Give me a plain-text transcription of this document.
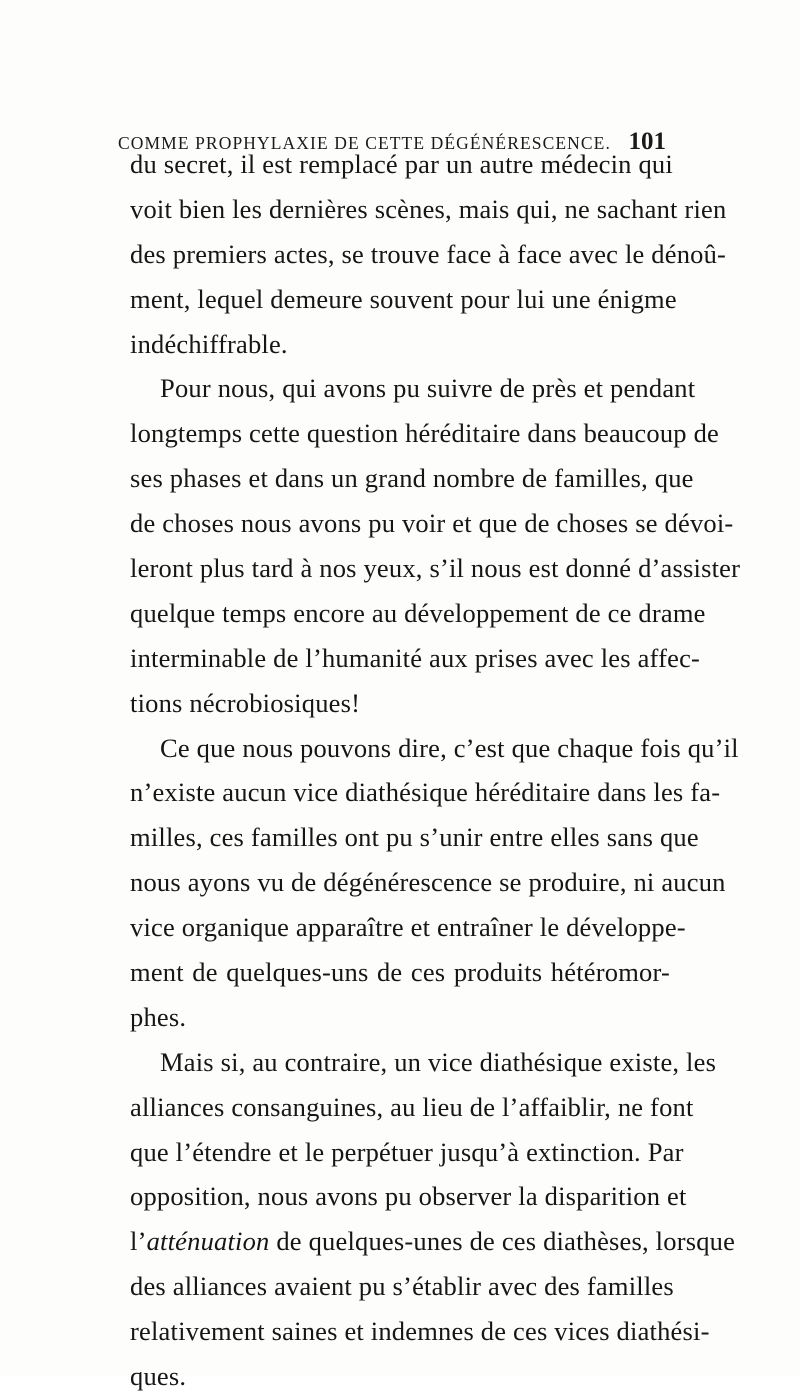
COMME PROPHYLAXIE DE CETTE DÉGÉNÉRESCENCE. 101
du secret, il est remplacé par un autre médecin qui
voit bien les dernières scènes, mais qui, ne sachant rien
des premiers actes, se trouve face à face avec le dénoû-
ment, lequel demeure souvent pour lui une énigme
indéchiffrable.
Pour nous, qui avons pu suivre de près et pendant
longtemps cette question héréditaire dans beaucoup de
ses phases et dans un grand nombre de familles, que
de choses nous avons pu voir et que de choses se dévoi-
leront plus tard à nos yeux, s’il nous est donné d’assister
quelque temps encore au développement de ce drame
interminable de l’humanité aux prises avec les affec-
tions nécrobiosiques!
Ce que nous pouvons dire, c’est que chaque fois qu’il
n’existe aucun vice diathésique héréditaire dans les fa-
milles, ces familles ont pu s’unir entre elles sans que
nous ayons vu de dégénérescence se produire, ni aucun
vice organique apparaître et entraîner le développe-
ment de quelques-uns de ces produits hétéromor-
phes.
Mais si, au contraire, un vice diathésique existe, les
alliances consanguines, au lieu de l’affaiblir, ne font
que l’étendre et le perpétuer jusqu’à extinction. Par
opposition, nous avons pu observer la disparition et
l’atténuation de quelques-unes de ces diathèses, lorsque
des alliances avaient pu s’établir avec des familles
relativement saines et indemnes de ces vices diathési-
ques.
